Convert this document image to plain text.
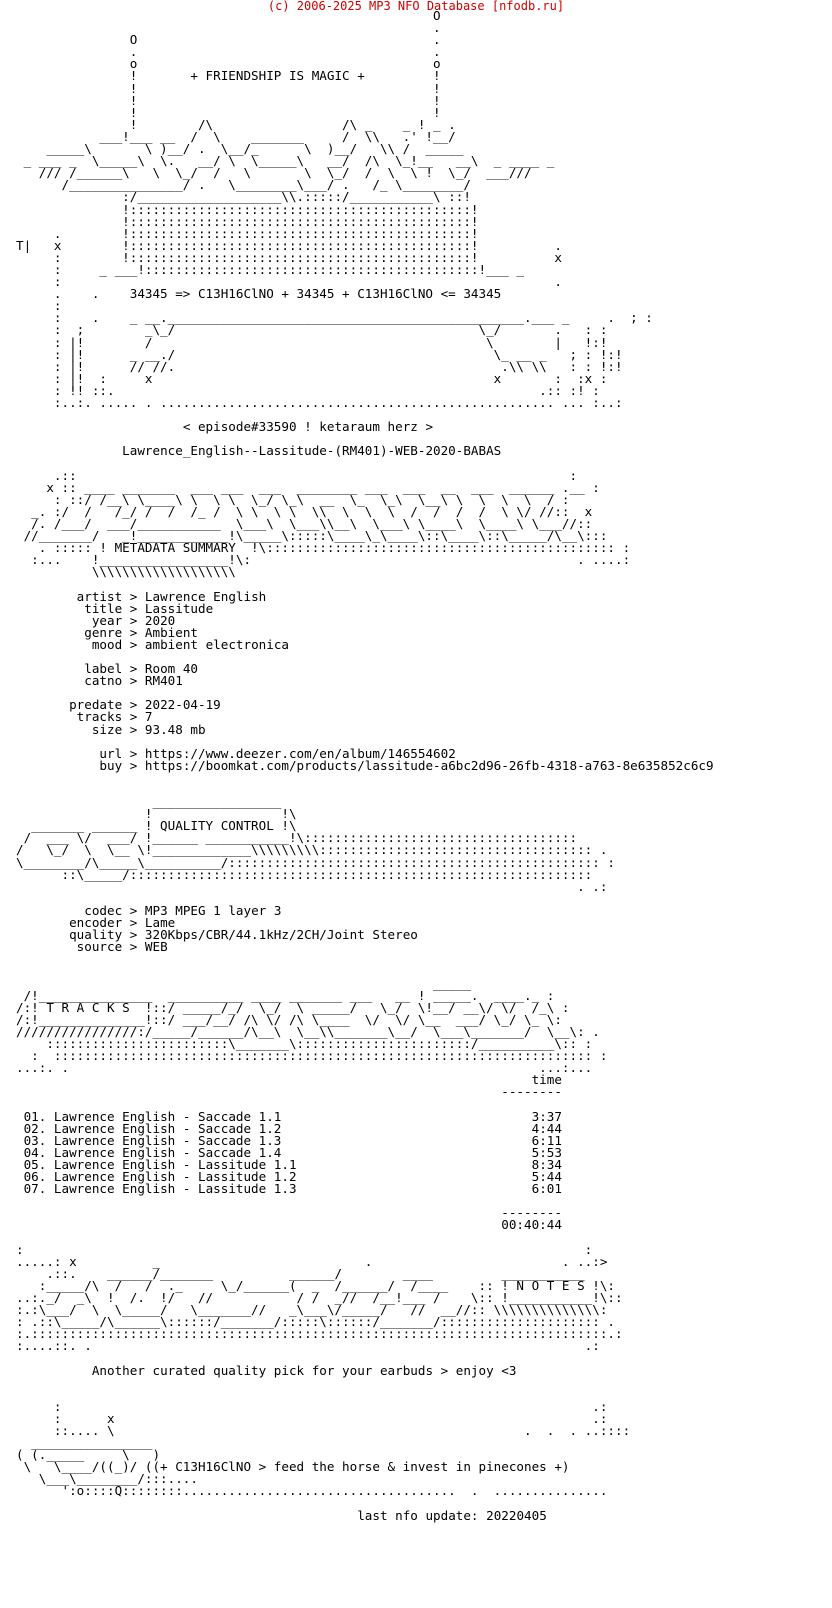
(c) 2006-2025 MP3 NFO Database [nfodb.ru]
O
.
O                                       .
.                                       .
o                                       o
!       + FRIENDSHIP IS MAGIC +         !
!                                       !
!                                       !
!                                       !
!        /\                 /\ _    _ ! _ .
___!___ __  /  \    _______     /  \\   .' !__/
_____\       \ )__/ .  \__/_      \  )__/   \\ /  _____
_ ___ _  \_____\  \.   __/ \  \_____\   __/  /\  \_!__   __\  _ ____ _
/// /______\   \  \_/  /   \       \  \_/  /  \  \ !  \_/  ___///
/_______________/ .   \________\___/ .   /_ \________/
:/___________________\\.:::::/___________\ ::!
!:::::::::::::::::::::::::::::::::::::::::::::!
!:::::::::::::::::::::::::::::::::::::::::::::!
.        !:::::::::::::::::::::::::::::::::::::::::::::!
T|   x        !:::::::::::::::::::::::::::::::::::::::::::::!          .
:        !:::::::::::::::::::::::::::::::::::::::::::::!          x
:     _ ___!::::::::::::::::::::::::::::::::::::::::::::!___ _
:                                                                 .
.    .    34345 => C13H16ClNO + 34345 + C13H16ClNO <= 34345
:
:    .    _ __._______________________________________________.___ _     .  ; :
:  ;        _\_/                                        \_/       .   : :
: |!        /                                            \        |   !:!
: |!      _ __./                                          \_ __ _   ; : !:!
: |!      // //.                                           .\\ \\   : : !:!
: |!  :     x                                             x       :  :x :
: !! ::.                                                        .:: :! :
:..:. ..... . .................................................... ... :..:

< episode#33590 ! ketaraum herz >

Lawrence_English--Lassitude-(RM401)-WEB-2020-BABAS

.::                                                                 :
x :: ____ _______  ___ ___  ___  ________ ___  ___  __  ___  ______ .__ :
: ::/ /__\ \____\ \  \ \  \_/ \_\  __  \_  \_\  \__\ \  \  \  \  / :
_. :/  /   /_/ /  /  /_ /  \ \  \ \  \\  \  \  \  /  /  /  /  \ \/ //::  x
/. /___/  ___/___________  \___\  \___\\__\  \___\ \____\  \____\ \___//::
//_______/   _!____________!\_____\:::::\____\_\____\::\____\::\_____/\__\:::
. ::::: ! METADATA SUMMARY  !\:::::::::::::::::::::::::::::::::::::::::::::: :
:...    !_________________!\:                                           . ....:
\\\\\\\\\\\\\\\\\\\

artist > Lawrence English
title > Lassitude
year > 2020
genre > Ambient
mood > ambient electronica

label > Room 40
catno > RM401

predate > 2022-04-19
tracks > 7
size > 93.48 mb

url > https://www.deezer.com/en/album/146554602
buy > https://boomkat.com/products/lassitude-a6bc2d96-26fb-4318-a763-8e635852c6c9

_________________
!                 !\
_______ ______ ! QUALITY CONTROL !\
/  ___ \/  ___/ !______ ___________!\::::::::::::::::::::::::::::::::::::
/   \_/  \  \__ \!_____________\\\\\\\\\:::::::::::::::::::::::::::::::::::: .
\________/\_____\__________/::::::::::::::::::::::::::::::::::::::::::::::::: :
::\_____/:::::::::::::::::::::::::::::::::::::::::::::::::::::::::::::
. .:

codec > MP3 MPEG 1 layer 3
encoder > Lame
quality > 320Kbps/CBR/44.1kHz/2CH/Joint Stereo
source > WEB

_____
/!_______________  __________ ____ _______ ___   __ ! _____.  ____._ :
/:! T R A C K S  !::/ _____/_/  \_/  \ _____/   \_/  \!__/ __\/ \/  /_\ :
/:!______________!::/ ___/__/ /\ \/ /\ \____  \/  \/ \__  ___/ \_/ \_ \:
////////////////:/_____/______/\__\  \__\\_______\__/  \___\_______/  \__\: .
::::::::::::::::::::::::\_______\:::::::::::::::::::::::/__________\:: :
:  ::::::::::::::::::::::::::::::::::::::::::::::::::::::::::::::::::::::: :
...:. .                                                              ...:...
time
--------

01. Lawrence English - Saccade 1.1	3:37
02. Lawrence English - Saccade 1.2	4:44
03. Lawrence English - Saccade 1.3	6:11
04. Lawrence English - Saccade 1.4	5:53
05. Lawrence English - Lassitude 1.1	8:34
06. Lawrence English - Lassitude 1.2	5:44
07. Lawrence English - Lassitude 1.3	6:01

--------
00:40:44

:                                                                          :
.....: x          _                           .                         . ..:>
.::.    ______/_______          ______/        ____         ___________
:_____/\  /   /  ._     \_/______(  _  /______/  /____    :: ! N O T E S !\:
..:._/  _\  !  /.  !/   //           / /  _//  /__!___ /    \:: !___________!\::
:.:\___/  \  \_____/   \_______//   _\___\/_____/   //  __//:: \\\\\\\\\\\\\\:
: .::\_____/\______\::::::/_______/:::::\::::::/_______/::::::::::::::::::::: .
:.::::::::::::::::::::::::::::::::::::::::::::::::::::::::::::::::::::::::::::.:
:....::. .                                                                 .:

Another curated quality pick for your earbuds > enjoy <3

:                                                                      .:
:      x                                                               .:
::.... \                                                      .  .  . ..::::
________________
( (._____     \   )
\   \____/((_)/ ((+ C13H16ClNO > feed the horse & invest in pinecones +)
\___\________/:::....
':o::::Q::::::::....................................  .  ...............

last nfo update: 20220405
